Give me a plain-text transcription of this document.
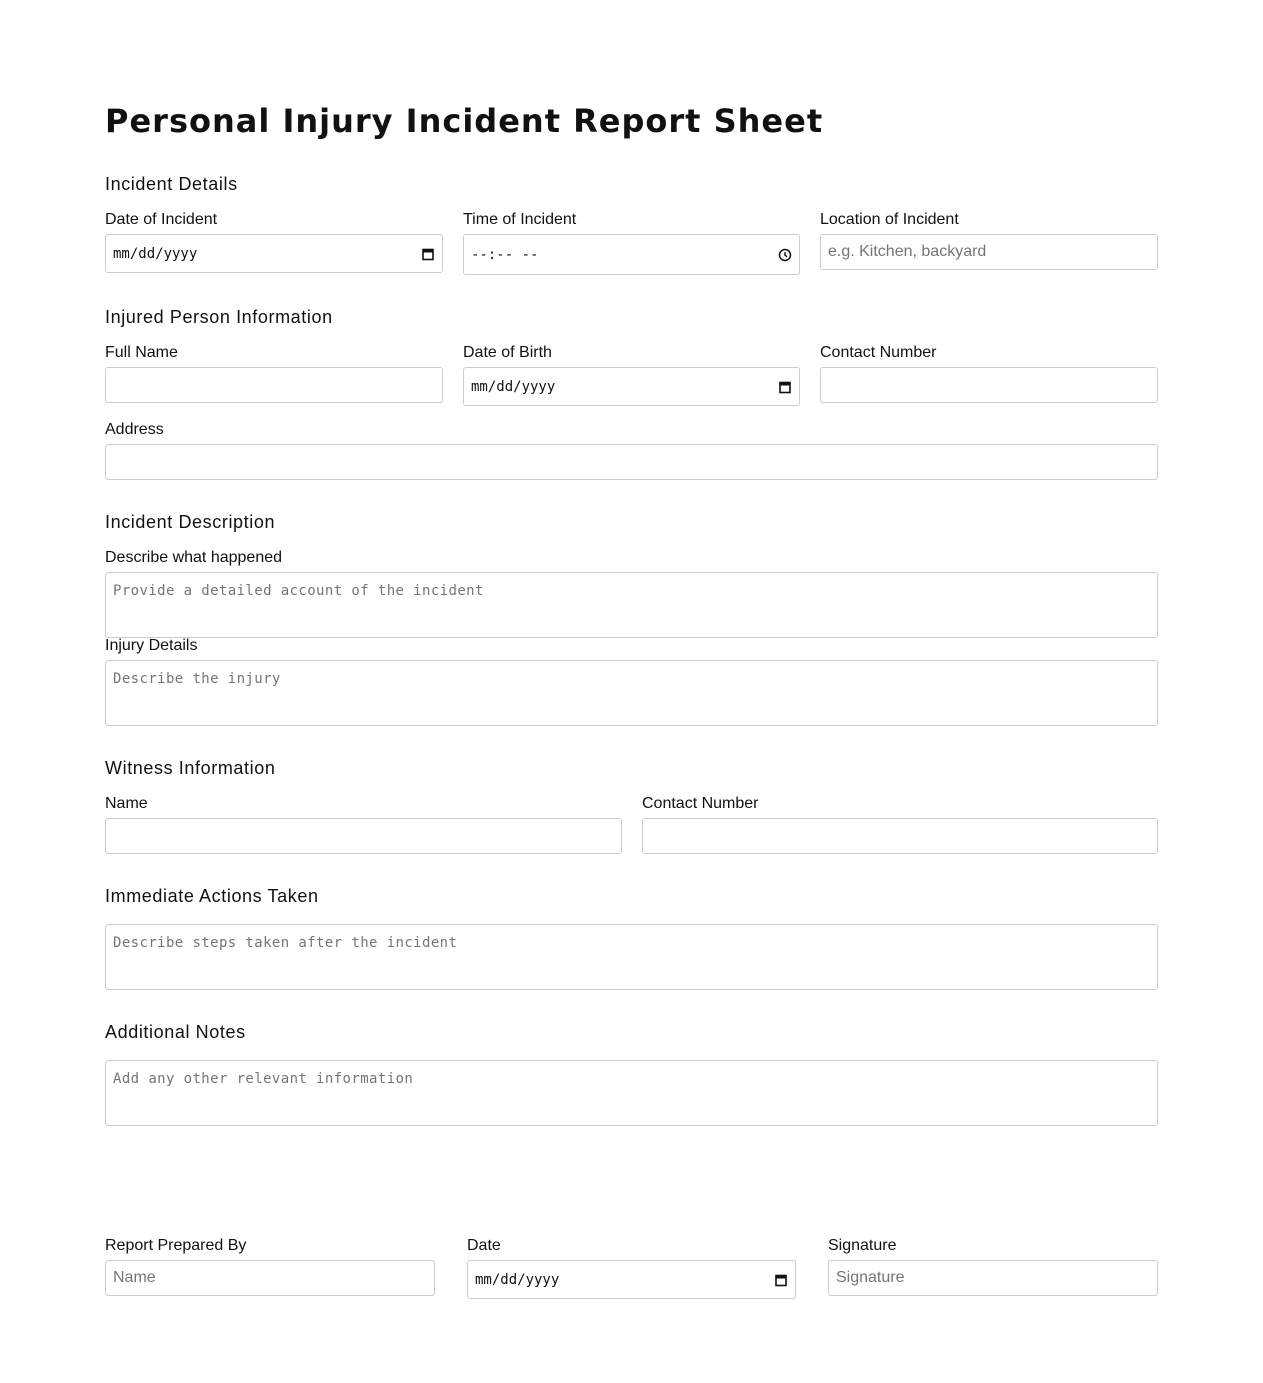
Personal Injury Incident Report Sheet
Incident Details
Date of Incident
mm/dd/yyyy
Time of Incident
--:-- --
Location of Incident
e.g. Kitchen, backyard
Injured Person Information
Full Name	Date of Birth
mm/dd/yyyy
Contact Number
Address
Incident Description
Describe what happened
Provide a detailed account of the incident
Injury Details
Describe the injury
Witness Information
Name	Contact Number
Immediate Actions Taken
Describe steps taken after the incident
Additional Notes
Add any other relevant information
Report Prepared By
Name
Date
mm/dd/yyyy
Signature
Signature
